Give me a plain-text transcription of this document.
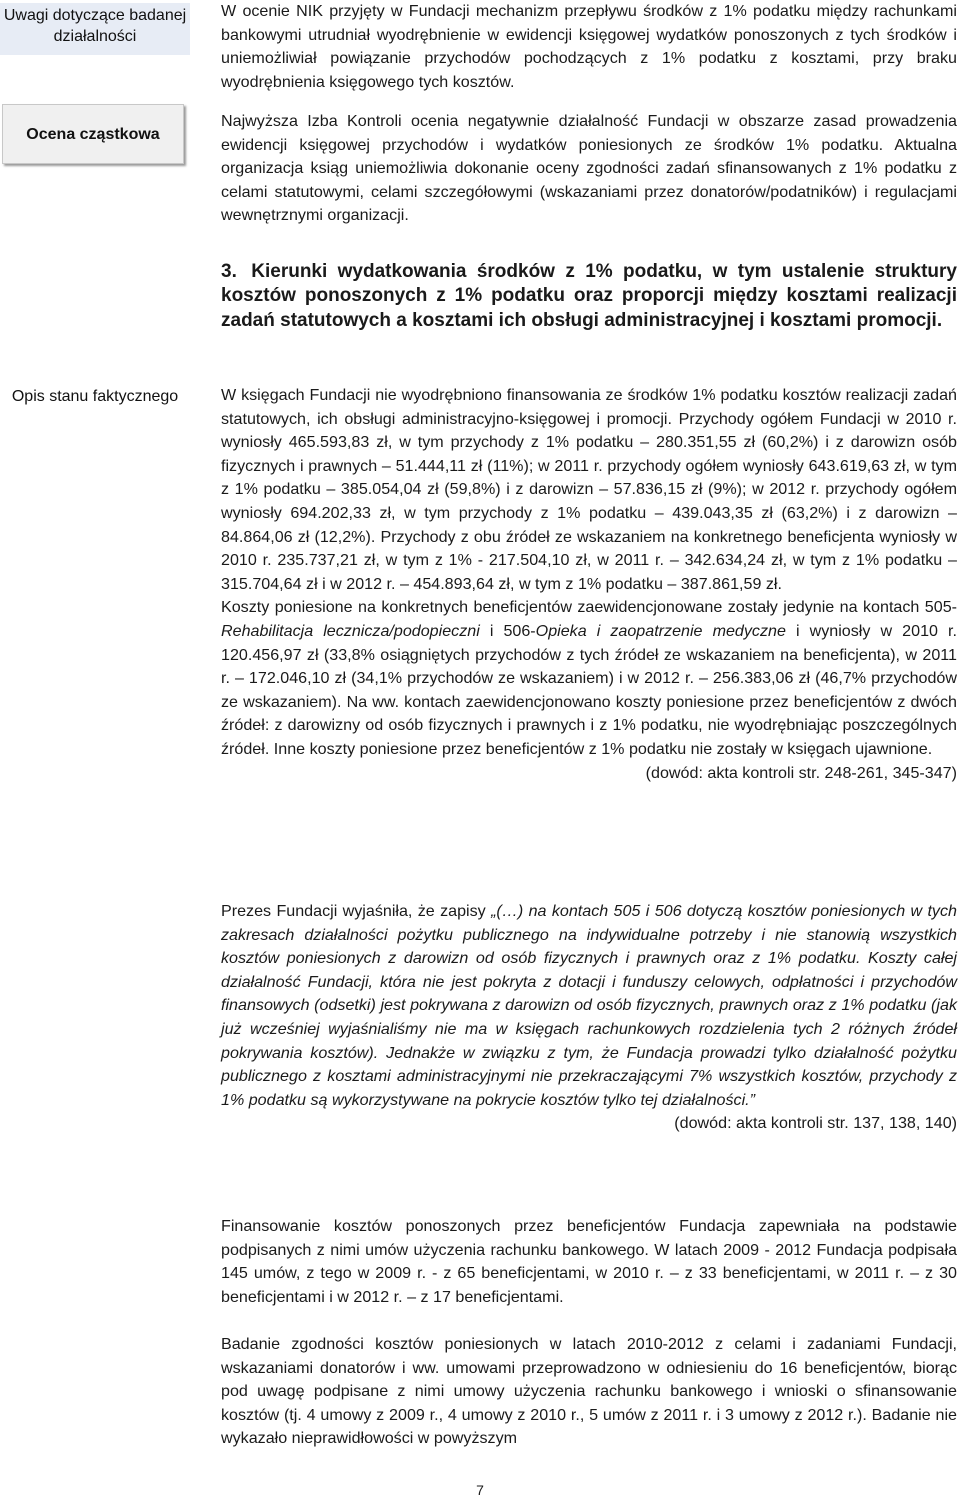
Uwagi dotyczące badanej działalności
Ocena cząstkowa
Opis stanu faktycznego

W ocenie NIK przyjęty w Fundacji mechanizm przepływu środków z 1% podatku między rachunkami bankowymi utrudniał wyodrębnienie w ewidencji księgowej wydatków ponoszonych z tych środków i uniemożliwiał powiązanie przychodów pochodzących z 1% podatku z kosztami, przy braku wyodrębnienia księgowego tych kosztów.

Najwyższa Izba Kontroli ocenia negatywnie działalność Fundacji w obszarze zasad prowadzenia ewidencji księgowej przychodów i wydatków poniesionych ze środków 1% podatku. Aktualna organizacja ksiąg uniemożliwia dokonanie oceny zgodności zadań sfinansowanych z 1% podatku z celami statutowymi, celami szczegółowymi (wskazaniami przez donatorów/podatników) i regulacjami wewnętrznymi organizacji.

3. Kierunki wydatkowania środków z 1% podatku, w tym ustalenie struktury kosztów ponoszonych z 1% podatku oraz proporcji między kosztami realizacji zadań statutowych a kosztami ich obsługi administracyjnej i kosztami promocji.

W księgach Fundacji nie wyodrębniono finansowania ze środków 1% podatku kosztów realizacji zadań statutowych, ich obsługi administracyjno-księgowej i promocji. Przychody ogółem Fundacji w 2010 r. wyniosły 465.593,83 zł, w tym przychody z 1% podatku – 280.351,55 zł (60,2%) i z darowizn osób fizycznych i prawnych – 51.444,11 zł (11%); w 2011 r. przychody ogółem wyniosły 643.619,63 zł, w tym z 1% podatku – 385.054,04 zł (59,8%) i z darowizn – 57.836,15 zł (9%); w 2012 r. przychody ogółem wyniosły 694.202,33 zł, w tym przychody z 1% podatku – 439.043,35 zł (63,2%) i z darowizn – 84.864,06 zł (12,2%). Przychody z obu źródeł ze wskazaniem na konkretnego beneficjenta wyniosły w 2010 r. 235.737,21 zł, w tym z 1% - 217.504,10 zł, w 2011 r. – 342.634,24 zł, w tym z 1% podatku – 315.704,64 zł i w 2012 r. – 454.893,64 zł, w tym z 1% podatku – 387.861,59 zł.

Koszty poniesione na konkretnych beneficjentów zaewidencjonowane zostały jedynie na kontach 505-Rehabilitacja lecznicza/podopieczni i 506-Opieka i zaopatrzenie medyczne i wyniosły w 2010 r. 120.456,97 zł (33,8% osiągniętych przychodów z tych źródeł ze wskazaniem na beneficjenta), w 2011 r. – 172.046,10 zł (34,1% przychodów ze wskazaniem) i w 2012 r. – 256.383,06 zł (46,7% przychodów ze wskazaniem). Na ww. kontach zaewidencjonowano koszty poniesione przez beneficjentów z dwóch źródeł: z darowizny od osób fizycznych i prawnych i z 1% podatku, nie wyodrębniając poszczególnych źródeł. Inne koszty poniesione przez beneficjentów z 1% podatku nie zostały w księgach ujawnione.

(dowód: akta kontroli str. 248-261, 345-347)

Prezes Fundacji wyjaśniła, że zapisy „(…) na kontach 505 i 506 dotyczą kosztów poniesionych w tych zakresach działalności pożytku publicznego na indywidualne potrzeby i nie stanowią wszystkich kosztów poniesionych z darowizn od osób fizycznych i prawnych oraz z 1% podatku. Koszty całej działalność Fundacji, która nie jest pokryta z dotacji i funduszy celowych, odpłatności i przychodów finansowych (odsetki) jest pokrywana z darowizn od osób fizycznych, prawnych oraz z 1% podatku (jak już wcześniej wyjaśnialiśmy nie ma w księgach rachunkowych rozdzielenia tych 2 różnych źródeł pokrywania kosztów). Jednakże w związku z tym, że Fundacja prowadzi tylko działalność pożytku publicznego z kosztami administracyjnymi nie przekraczającymi 7% wszystkich kosztów, przychody z 1% podatku są wykorzystywane na pokrycie kosztów tylko tej działalności.”

(dowód: akta kontroli str. 137, 138, 140)

Finansowanie kosztów ponoszonych przez beneficjentów Fundacja zapewniała na podstawie podpisanych z nimi umów użyczenia rachunku bankowego. W latach 2009 - 2012 Fundacja podpisała 145 umów, z tego w 2009 r. - z 65 beneficjentami, w 2010 r. – z 33 beneficjentami, w 2011 r. – z 30 beneficjentami i w 2012 r. – z 17 beneficjentami.

Badanie zgodności kosztów poniesionych w latach 2010-2012 z celami i zadaniami Fundacji, wskazaniami donatorów i ww. umowami przeprowadzono w odniesieniu do 16 beneficjentów, biorąc pod uwagę podpisane z nimi umowy użyczenia rachunku bankowego i wnioski o sfinansowanie kosztów (tj. 4 umowy z 2009 r., 4 umowy z 2010 r., 5 umów z 2011 r. i 3 umowy z 2012 r.). Badanie nie wykazało nieprawidłowości w powyższym

7
